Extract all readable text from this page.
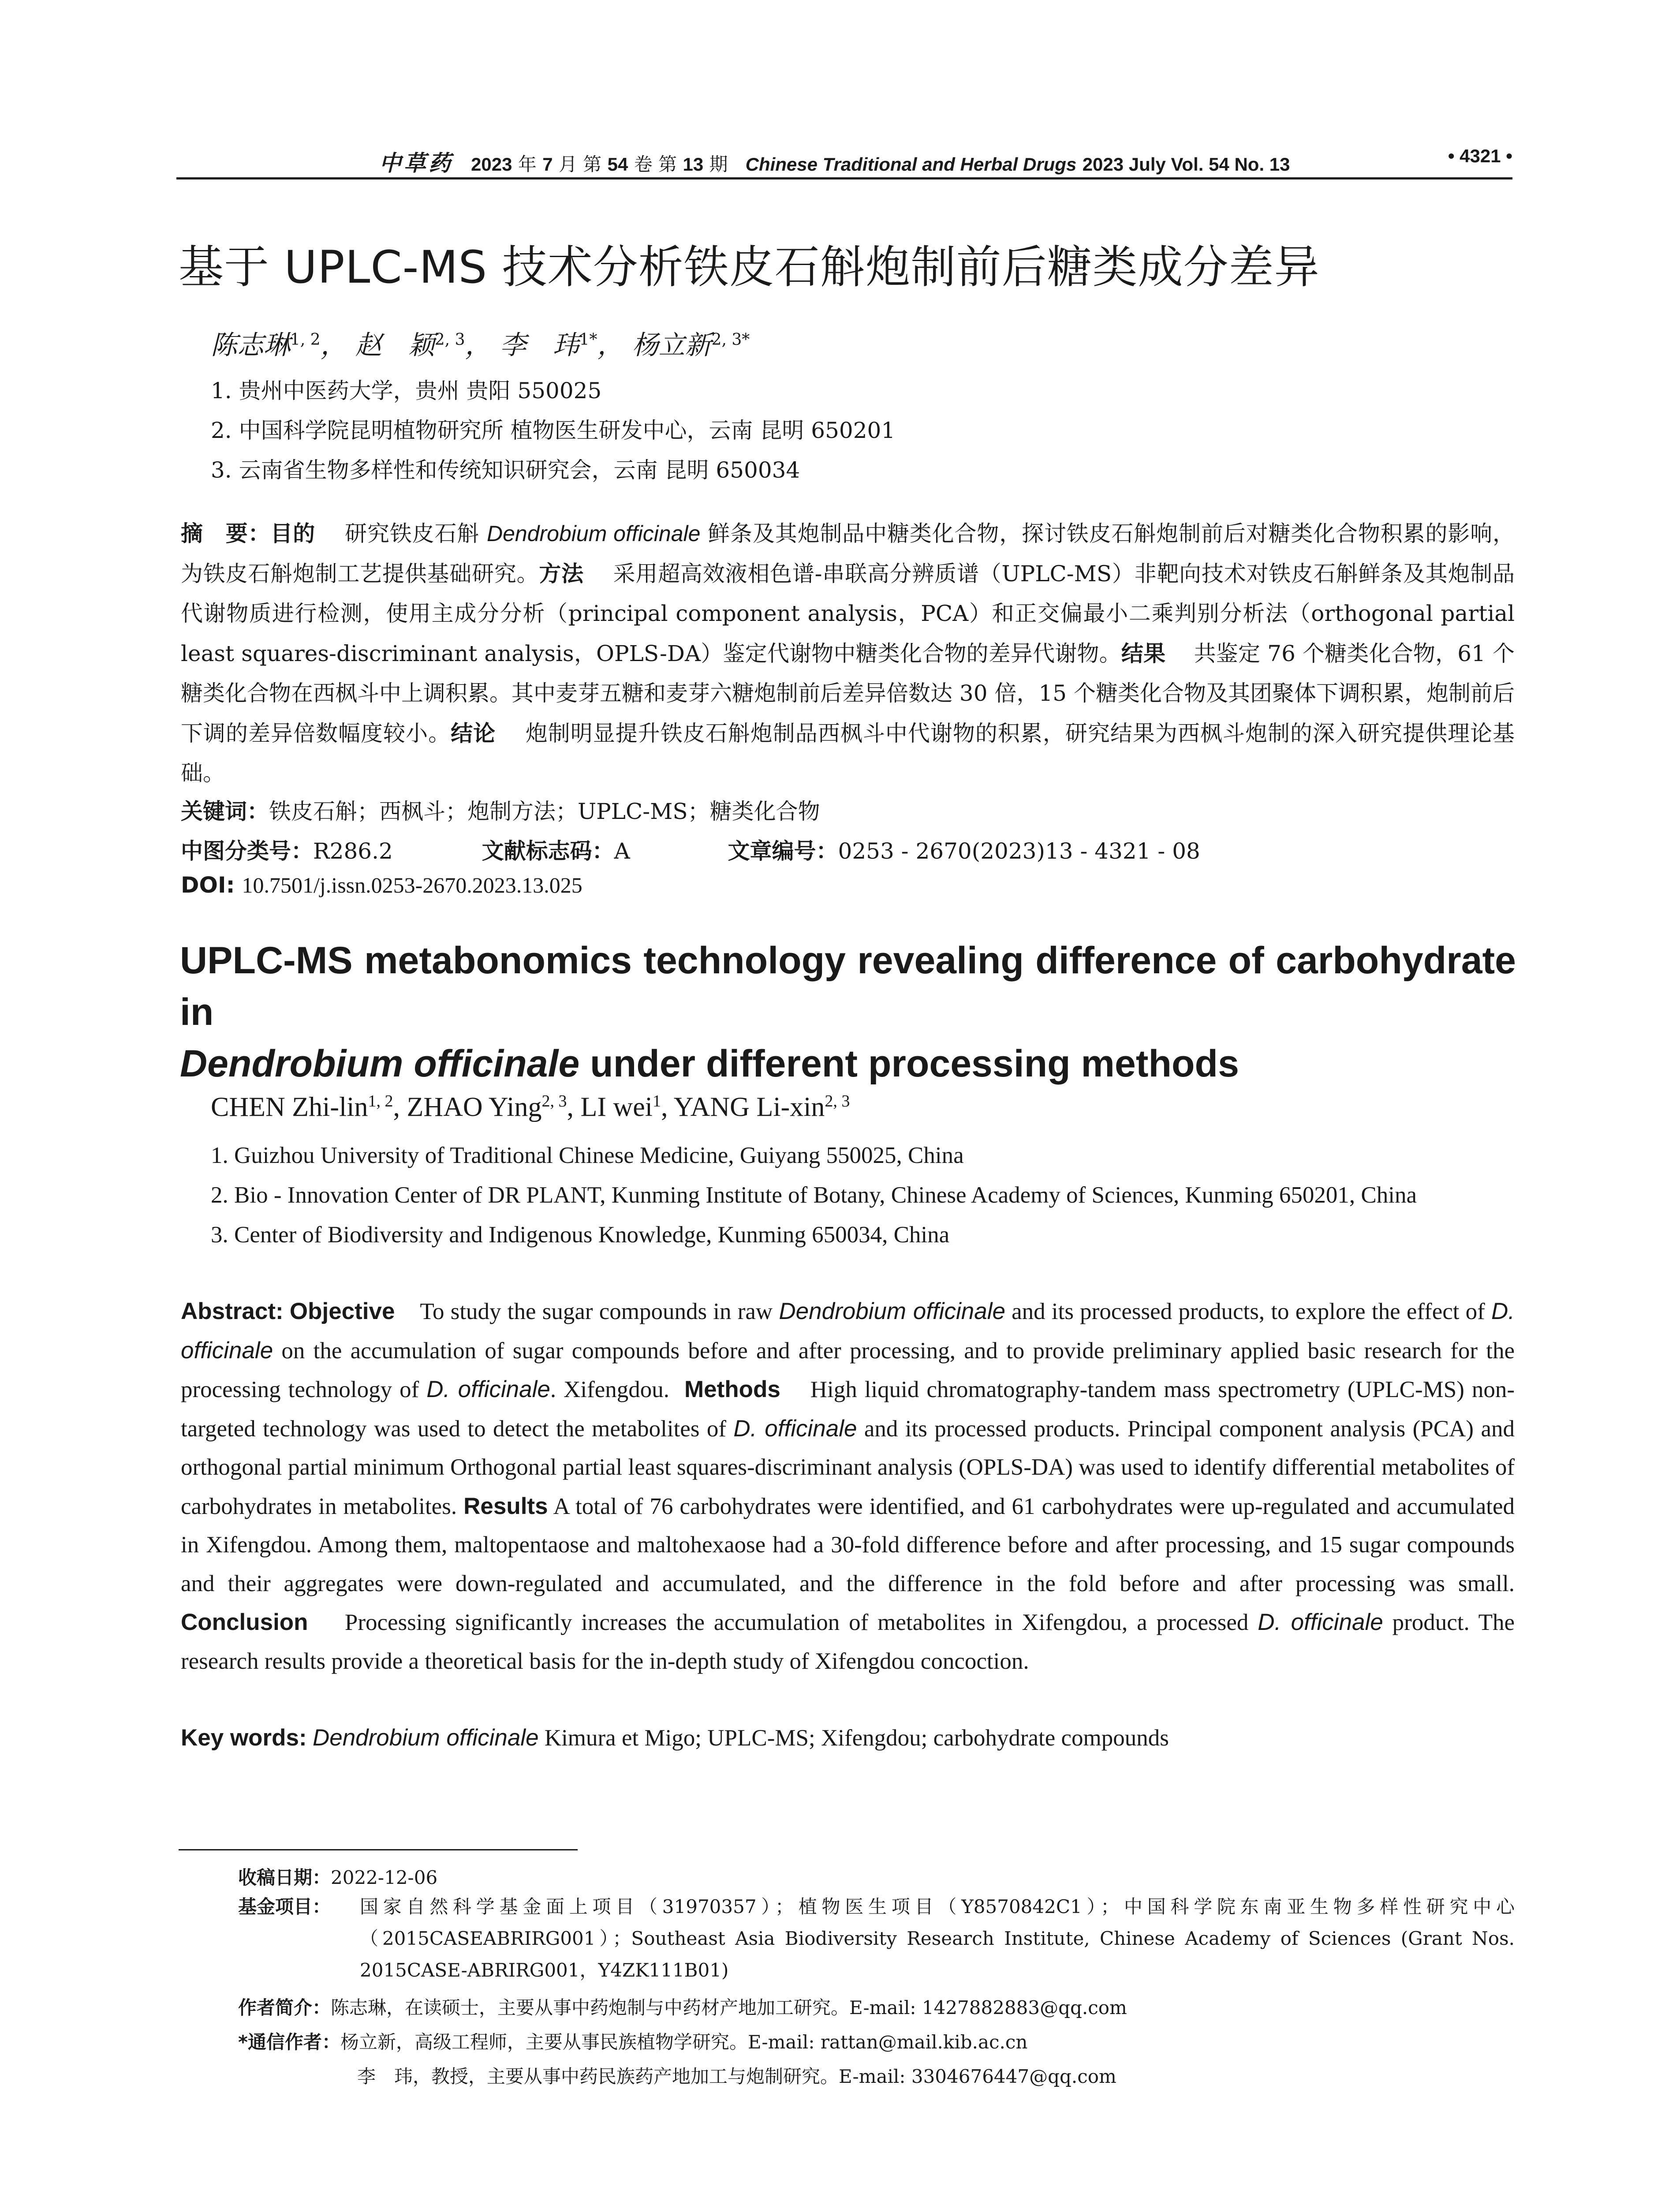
中草药 2023 年 7 月 第 54 卷 第 13 期 Chinese Traditional and Herbal Drugs 2023 July Vol. 54 No. 13	• 4321 •
基于 UPLC-MS 技术分析铁皮石斛炮制前后糖类成分差异
陈志琳$^{1, 2}$， 赵　颖$^{2, 3}$， 李　玮$^{1*}$， 杨立新$^{2, 3*}$
1. 贵州中医药大学，贵州 贵阳 550025
2. 中国科学院昆明植物研究所 植物医生研发中心，云南 昆明 650201
3. 云南省生物多样性和传统知识研究会，云南 昆明 650034
摘　要：目的 研究铁皮石斛 Dendrobium officinale 鲜条及其炮制品中糖类化合物，探讨铁皮石斛炮制前后对糖类化合物积累的影响，为铁皮石斛炮制工艺提供基础研究。方法 采用超高效液相色谱-串联高分辨质谱（UPLC-MS）非靶向技术对铁皮石斛鲜条及其炮制品代谢物质进行检测，使用主成分分析（principal component analysis，PCA）和正交偏最小二乘判别分析法（orthogonal partial least squares-discriminant analysis，OPLS-DA）鉴定代谢物中糖类化合物的差异代谢物。结果 共鉴定 76 个糖类化合物，61 个糖类化合物在西枫斗中上调积累。其中麦芽五糖和麦芽六糖炮制前后差异倍数达 30 倍，15 个糖类化合物及其团聚体下调积累，炮制前后下调的差异倍数幅度较小。结论 炮制明显提升铁皮石斛炮制品西枫斗中代谢物的积累，研究结果为西枫斗炮制的深入研究提供理论基础。
关键词：铁皮石斛；西枫斗；炮制方法；UPLC-MS；糖类化合物
中图分类号：R286.2	文献标志码：A	文章编号：0253 - 2670(2023)13 - 4321 - 08
DOI: 10.7501/j.issn.0253-2670.2023.13.025
UPLC-MS metabonomics technology revealing difference of carbohydrate in
Dendrobium officinale under different processing methods
CHEN Zhi-lin$^{1, 2}$, ZHAO Ying$^{2, 3}$, LI wei$^1$, YANG Li-xin$^{2, 3}$
1. Guizhou University of Traditional Chinese Medicine, Guiyang 550025, China
2. Bio - Innovation Center of DR PLANT, Kunming Institute of Botany, Chinese Academy of Sciences, Kunming 650201, China
3. Center of Biodiversity and Indigenous Knowledge, Kunming 650034, China
Abstract: Objective To study the sugar compounds in raw Dendrobium officinale and its processed products, to explore the effect of D. officinale on the accumulation of sugar compounds before and after processing, and to provide preliminary applied basic research for the processing technology of D. officinale. Xifengdou. Methods High liquid chromatography-tandem mass spectrometry (UPLC-MS) non-targeted technology was used to detect the metabolites of D. officinale and its processed products. Principal component analysis (PCA) and orthogonal partial minimum Orthogonal partial least squares-discriminant analysis (OPLS-DA) was used to identify differential metabolites of carbohydrates in metabolites. Results A total of 76 carbohydrates were identified, and 61 carbohydrates were up-regulated and accumulated in Xifengdou. Among them, maltopentaose and maltohexaose had a 30-fold difference before and after processing, and 15 sugar compounds and their aggregates were down-regulated and accumulated, and the difference in the fold before and after processing was small. Conclusion Processing significantly increases the accumulation of metabolites in Xifengdou, a processed D. officinale product. The research results provide a theoretical basis for the in-depth study of Xifengdou concoction.
Key words: Dendrobium officinale Kimura et Migo; UPLC-MS; Xifengdou; carbohydrate compounds
收稿日期：2022-12-06
基金项目： 国家自然科学基金面上项目（31970357）；植物医生项目（Y8570842C1）；中国科学院东南亚生物多样性研究中心（2015CASEABRIRG001）；Southeast Asia Biodiversity Research Institute, Chinese Academy of Sciences (Grant Nos. 2015CASE-ABRIRG001，Y4ZK111B01)
作者简介：陈志琳，在读硕士，主要从事中药炮制与中药材产地加工研究。E-mail: 1427882883@qq.com
*通信作者：杨立新，高级工程师，主要从事民族植物学研究。E-mail: rattan@mail.kib.ac.cn
李　玮，教授，主要从事中药民族药产地加工与炮制研究。E-mail: 3304676447@qq.com
